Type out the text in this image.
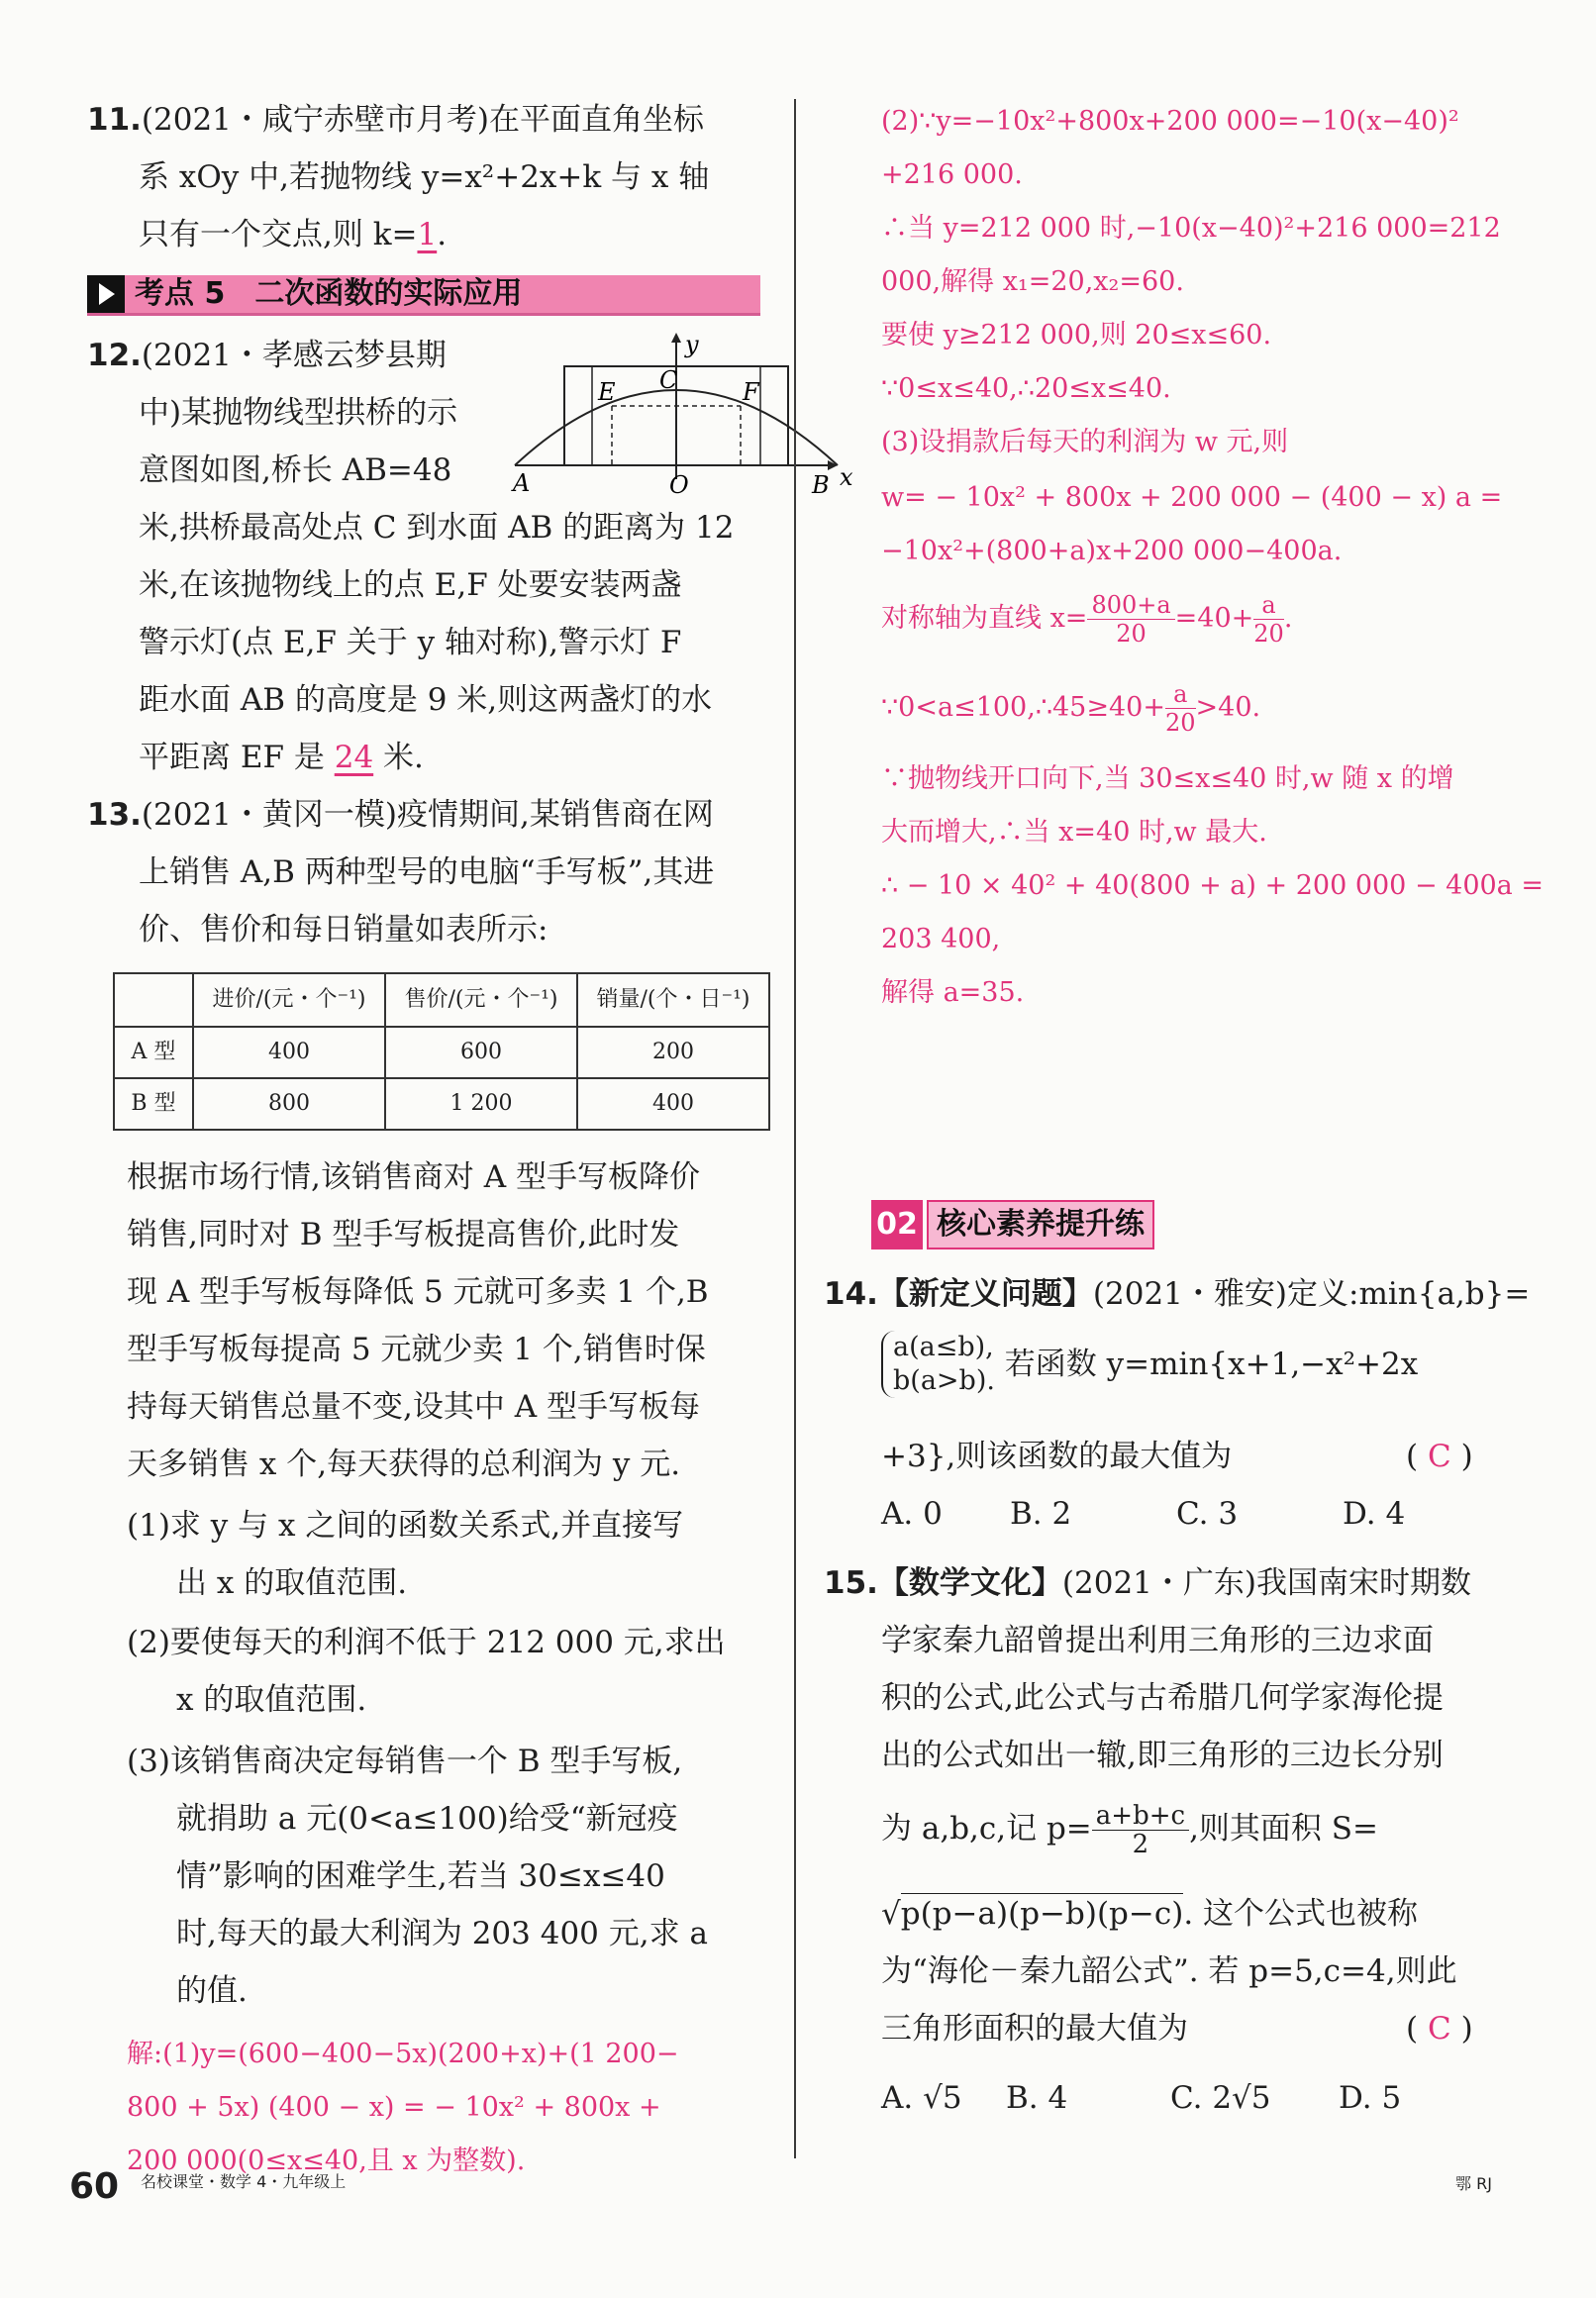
11.(2021・咸宁赤壁市月考)在平面直角坐标
系 xOy 中,若抛物线 y=x²+2x+k 与 x 轴
只有一个交点,则 k=1.
考点 5　二次函数的实际应用
12.(2021・孝感云梦县期
中)某抛物线型拱桥的示
意图如图,桥长 AB=48
米,拱桥最高处点 C 到水面 AB 的距离为 12
米,在该抛物线上的点 E,F 处要安装两盏
警示灯(点 E,F 关于 y 轴对称),警示灯 F
距水面 AB 的高度是 9 米,则这两盏灯的水
平距离 EF 是 24 米.
y
x
A	O	B
E C	F
13.(2021・黄冈一模)疫情期间,某销售商在网
上销售 A,B 两种型号的电脑“手写板”,其进
价、售价和每日销量如表所示:
	进价/(元・个⁻¹)	售价/(元・个⁻¹)	销量/(个・日⁻¹)
A 型	400	600	200
B 型	800	1 200	400
根据市场行情,该销售商对 A 型手写板降价
销售,同时对 B 型手写板提高售价,此时发
现 A 型手写板每降低 5 元就可多卖 1 个,B
型手写板每提高 5 元就少卖 1 个,销售时保
持每天销售总量不变,设其中 A 型手写板每
天多销售 x 个,每天获得的总利润为 y 元.
(1)求 y 与 x 之间的函数关系式,并直接写
出 x 的取值范围.
(2)要使每天的利润不低于 212 000 元,求出
x 的取值范围.
(3)该销售商决定每销售一个 B 型手写板,
就捐助 a 元(0<a≤100)给受“新冠疫
情”影响的困难学生,若当 30≤x≤40
时,每天的最大利润为 203 400 元,求 a
的值.
解:(1)y=(600−400−5x)(200+x)+(1 200−
800 + 5x) (400 − x) = − 10x² + 800x +
200 000(0≤x≤40,且 x 为整数).
(2)∵y=−10x²+800x+200 000=−10(x−40)²
+216 000.
∴当 y=212 000 时,−10(x−40)²+216 000=212
000,解得 x₁=20,x₂=60.
要使 y≥212 000,则 20≤x≤60.
∵0≤x≤40,∴20≤x≤40.
(3)设捐款后每天的利润为 w 元,则
w= − 10x² + 800x + 200 000 − (400 − x) a =
−10x²+(800+a)x+200 000−400a.
对称轴为直线 $x= \frac{800+a}{20} =40+ \frac{a}{20}$ .
∵0<a≤100,∴45≥40+ $\frac{a}{20} >40$.
∵抛物线开口向下,当 30≤x≤40 时,w 随 x 的增
大而增大,∴当 x=40 时,w 最大.
∴ − 10 × 40² + 40(800 + a) + 200 000 − 400a =
203 400,
解得 a=35.
02 核心素养提升练
14.【新定义问题】(2021・雅安)定义:min{a,b}=
a(a≤b),
b(a>b). 若函数 y=min{x+1,−x²+2x
+3},则该函数的最大值为	( C )
A. 0 B. 2	C. 3	D. 4
15.【数学文化】(2021・广东)我国南宋时期数
学家秦九韶曾提出利用三角形的三边求面
积的公式,此公式与古希腊几何学家海伦提
出的公式如出一辙,即三角形的三边长分别
为 a,b,c,记 $p= \frac{a+b+c}{2}$ ,则其面积 S=
√p(p−a)(p−b)(p−c). 这个公式也被称
为“海伦－秦九韶公式”. 若 p=5,c=4,则此
三角形面积的最大值为	( C )
A. √5 B. 4	C. 2√5 D. 5
60 名校课堂・数学 4・九年级上	鄂 RJ
